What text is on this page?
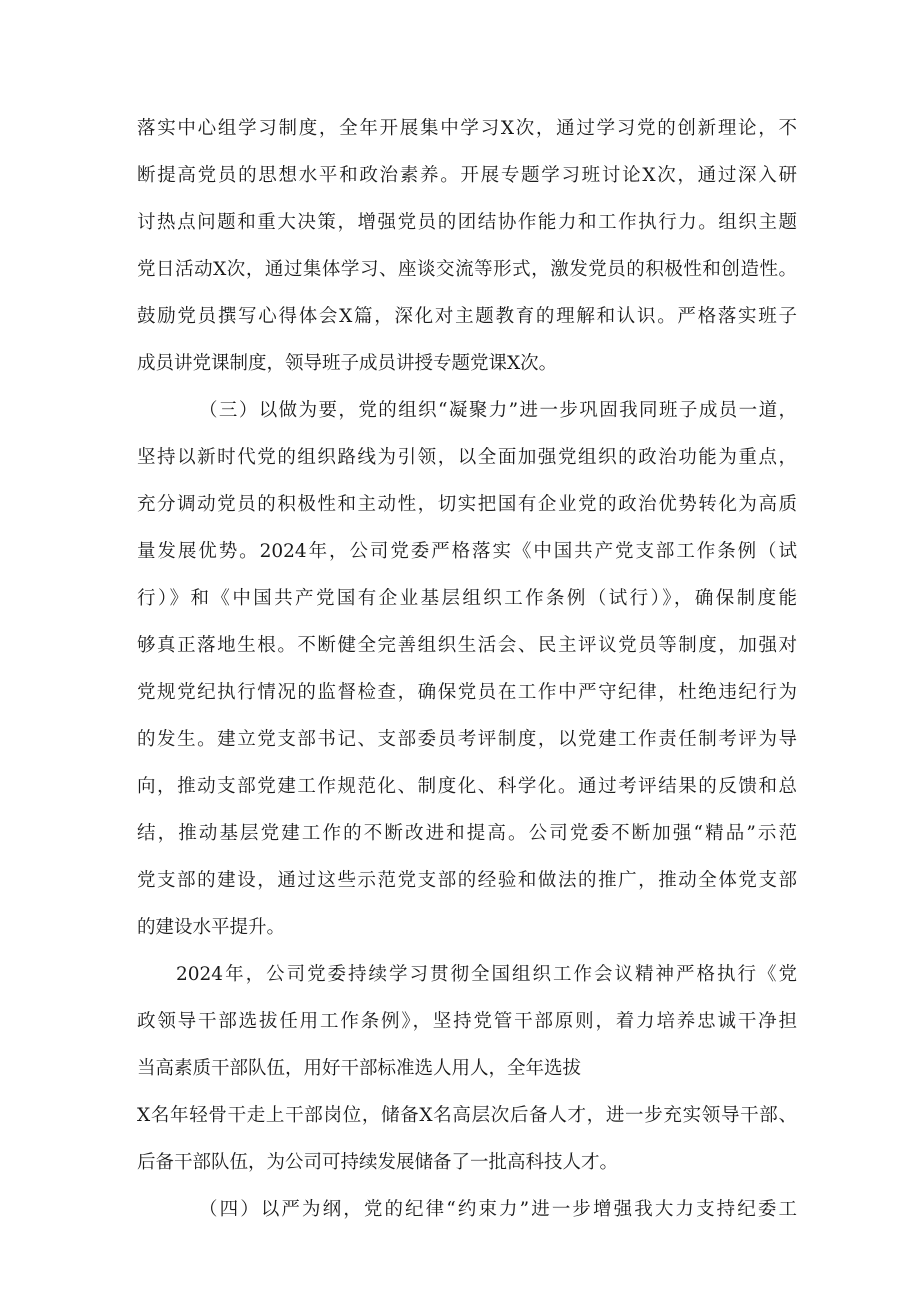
落实中心组学习制度，全年开展集中学习X次，通过学习党的创新理论，不
断提高党员的思想水平和政治素养。开展专题学习班讨论X次，通过深入研
讨热点问题和重大决策，增强党员的团结协作能力和工作执行力。组织主题
党日活动X次，通过集体学习、座谈交流等形式，激发党员的积极性和创造性。
鼓励党员撰写心得体会X篇，深化对主题教育的理解和认识。严格落实班子
成员讲党课制度，领导班子成员讲授专题党课X次。
（三）以做为要，党的组织“凝聚力”进一步巩固我同班子成员一道，
坚持以新时代党的组织路线为引领，以全面加强党组织的政治功能为重点，
充分调动党员的积极性和主动性，切实把国有企业党的政治优势转化为高质
量发展优势。2024年，公司党委严格落实《中国共产党支部工作条例（试
行）》和《中国共产党国有企业基层组织工作条例（试行）》，确保制度能
够真正落地生根。不断健全完善组织生活会、民主评议党员等制度，加强对
党规党纪执行情况的监督检查，确保党员在工作中严守纪律，杜绝违纪行为
的发生。建立党支部书记、支部委员考评制度，以党建工作责任制考评为导
向，推动支部党建工作规范化、制度化、科学化。通过考评结果的反馈和总
结，推动基层党建工作的不断改进和提高。公司党委不断加强“精品”示范
党支部的建设，通过这些示范党支部的经验和做法的推广，推动全体党支部
的建设水平提升。
2024年，公司党委持续学习贯彻全国组织工作会议精神严格执行《党
政领导干部选拔任用工作条例》，坚持党管干部原则，着力培养忠诚干净担
当高素质干部队伍，用好干部标准选人用人，全年选拔
X名年轻骨干走上干部岗位，储备X名高层次后备人才，进一步充实领导干部、
后备干部队伍，为公司可持续发展储备了一批高科技人才。
（四）以严为纲，党的纪律“约束力”进一步增强我大力支持纪委工
